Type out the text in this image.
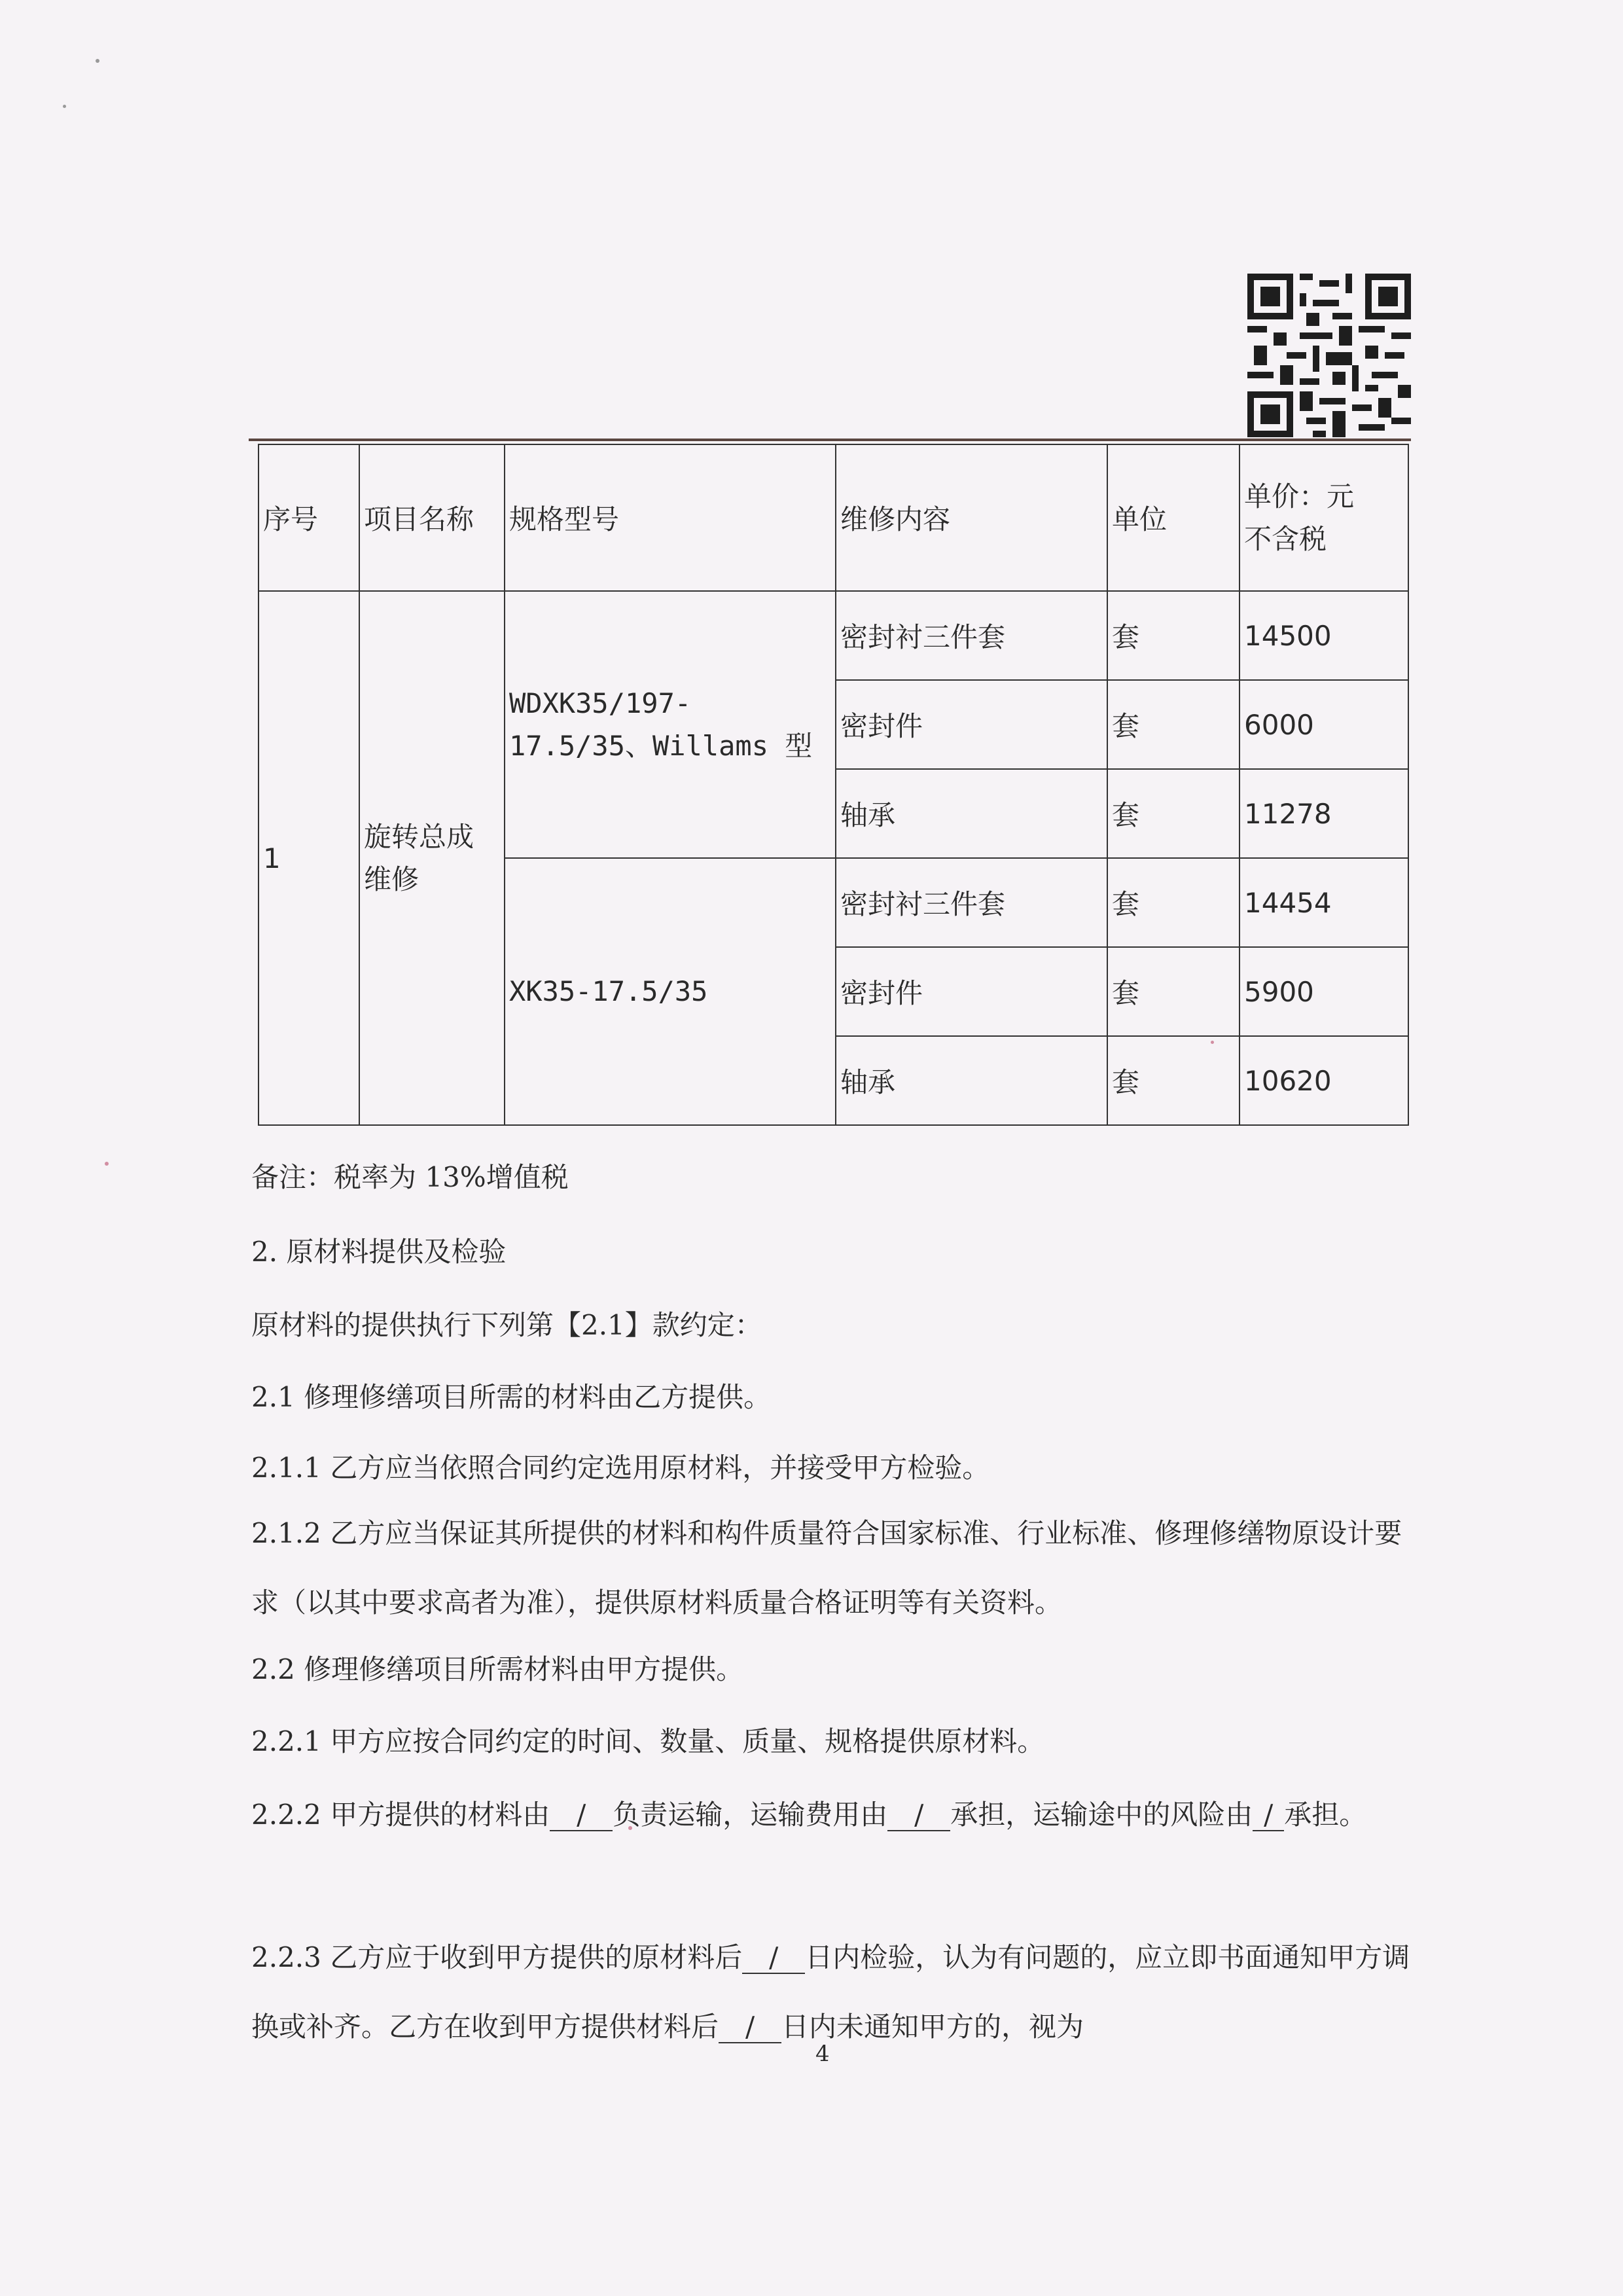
序号	项目名称	规格型号	维修内容	单位	单价：元
不含税

1	旋转总成维修	WDXK35/197-17.5/35、Willams 型	密封衬三件套	套	14500
			密封件	套	6000
			轴承	套	11278
		XK35-17.5/35	密封衬三件套	套	14454
			密封件	套	5900
			轴承	套	10620
备注：税率为 13%增值税
2. 原材料提供及检验
原材料的提供执行下列第【2.1】款约定：
2.1 修理修缮项目所需的材料由乙方提供。
2.1.1 乙方应当依照合同约定选用原材料，并接受甲方检验。
2.1.2 乙方应当保证其所提供的材料和构件质量符合国家标准、行业标准、修理修缮物原设计要求（以其中要求高者为准），提供原材料质量合格证明等有关资料。
2.2 修理修缮项目所需材料由甲方提供。
2.2.1 甲方应按合同约定的时间、数量、质量、规格提供原材料。
2.2.2 甲方提供的材料由 / 负责运输，运输费用由 / 承担，运输途中的风险由 / 承担。
2.2.3 乙方应于收到甲方提供的原材料后 / 日内检验，认为有问题的，应立即书面通知甲方调换或补齐。乙方在收到甲方提供材料后 / 日内未通知甲方的，视为
4
